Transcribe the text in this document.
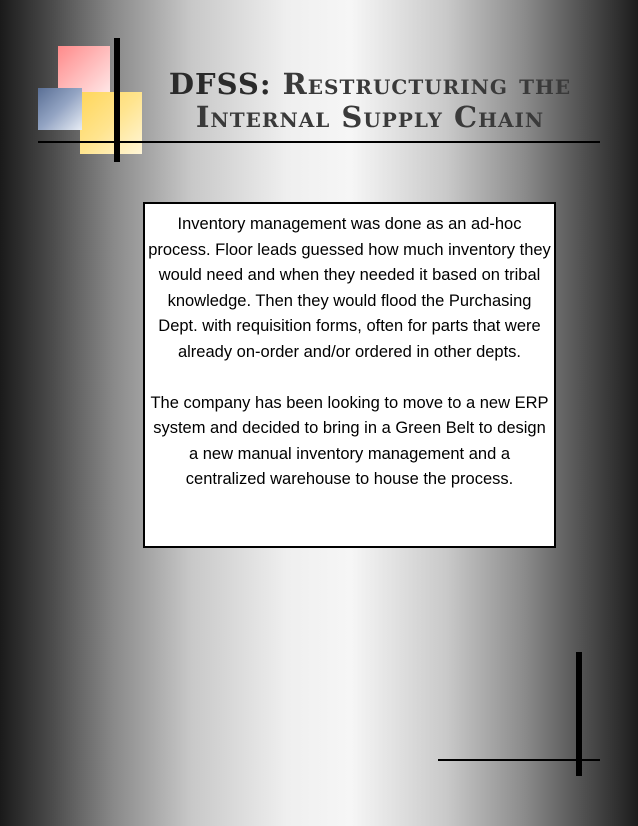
DFSS: Restructuring the Internal Supply Chain

Inventory management was done as an ad-hoc process. Floor leads guessed how much inventory they would need and when they needed it based on tribal knowledge. Then they would flood the Purchasing Dept. with requisition forms, often for parts that were already on-order and/or ordered in other depts.

The company has been looking to move to a new ERP system and decided to bring in a Green Belt to design a new manual inventory management and a centralized warehouse to house the process.
